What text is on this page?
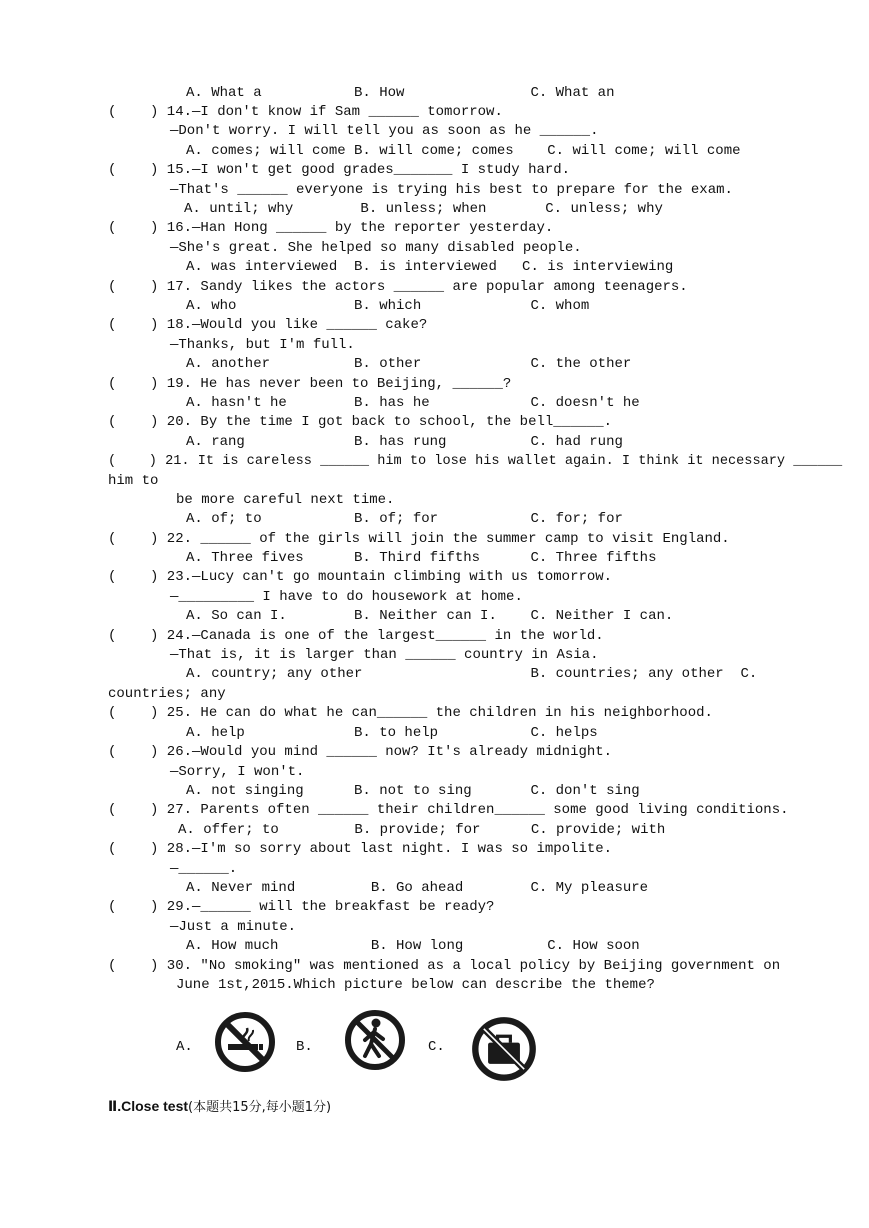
A. What a           B. How               C. What an
(    ) 14.—I don't know if Sam ______ tomorrow.
—Don't worry. I will tell you as soon as he ______.
A. comes; will come B. will come; comes    C. will come; will come
(    ) 15.—I won't get good grades_______ I study hard.
—That's ______ everyone is trying his best to prepare for the exam.
A. until; why        B. unless; when       C. unless; why
(    ) 16.—Han Hong ______ by the reporter yesterday.
—She's great. She helped so many disabled people.
A. was interviewed  B. is interviewed   C. is interviewing
(    ) 17. Sandy likes the actors ______ are popular among teenagers.
A. who              B. which             C. whom
(    ) 18.—Would you like ______ cake?
—Thanks, but I'm full.
A. another          B. other             C. the other
(    ) 19. He has never been to Beijing, ______?
A. hasn't he        B. has he            C. doesn't he
(    ) 20. By the time I got back to school, the bell______.
A. rang             B. has rung          C. had rung
(    ) 21. It is careless ______ him to lose his wallet again. I think it necessary ______
him to
be more careful next time.
A. of; to           B. of; for           C. for; for
(    ) 22. ______ of the girls will join the summer camp to visit England.
A. Three fives      B. Third fifths      C. Three fifths
(    ) 23.—Lucy can't go mountain climbing with us tomorrow.
—_________ I have to do housework at home.
A. So can I.        B. Neither can I.    C. Neither I can.
(    ) 24.—Canada is one of the largest______ in the world.
—That is, it is larger than ______ country in Asia.
A. country; any other                    B. countries; any other  C.
countries; any
(    ) 25. He can do what he can______ the children in his neighborhood.
A. help             B. to help           C. helps
(    ) 26.—Would you mind ______ now? It's already midnight.
—Sorry, I won't.
A. not singing      B. not to sing       C. don't sing
(    ) 27. Parents often ______ their children______ some good living conditions.
A. offer; to         B. provide; for      C. provide; with
(    ) 28.—I'm so sorry about last night. I was so impolite.
—______.
A. Never mind         B. Go ahead        C. My pleasure
(    ) 29.—______ will the breakfast be ready?
—Just a minute.
A. How much           B. How long          C. How soon
(    ) 30. "No smoking" was mentioned as a local policy by Beijing government on
June 1st,2015.Which picture below can describe the theme?
A.	B.	C.
Ⅱ.Close test(本题共15分,每小题1分)
